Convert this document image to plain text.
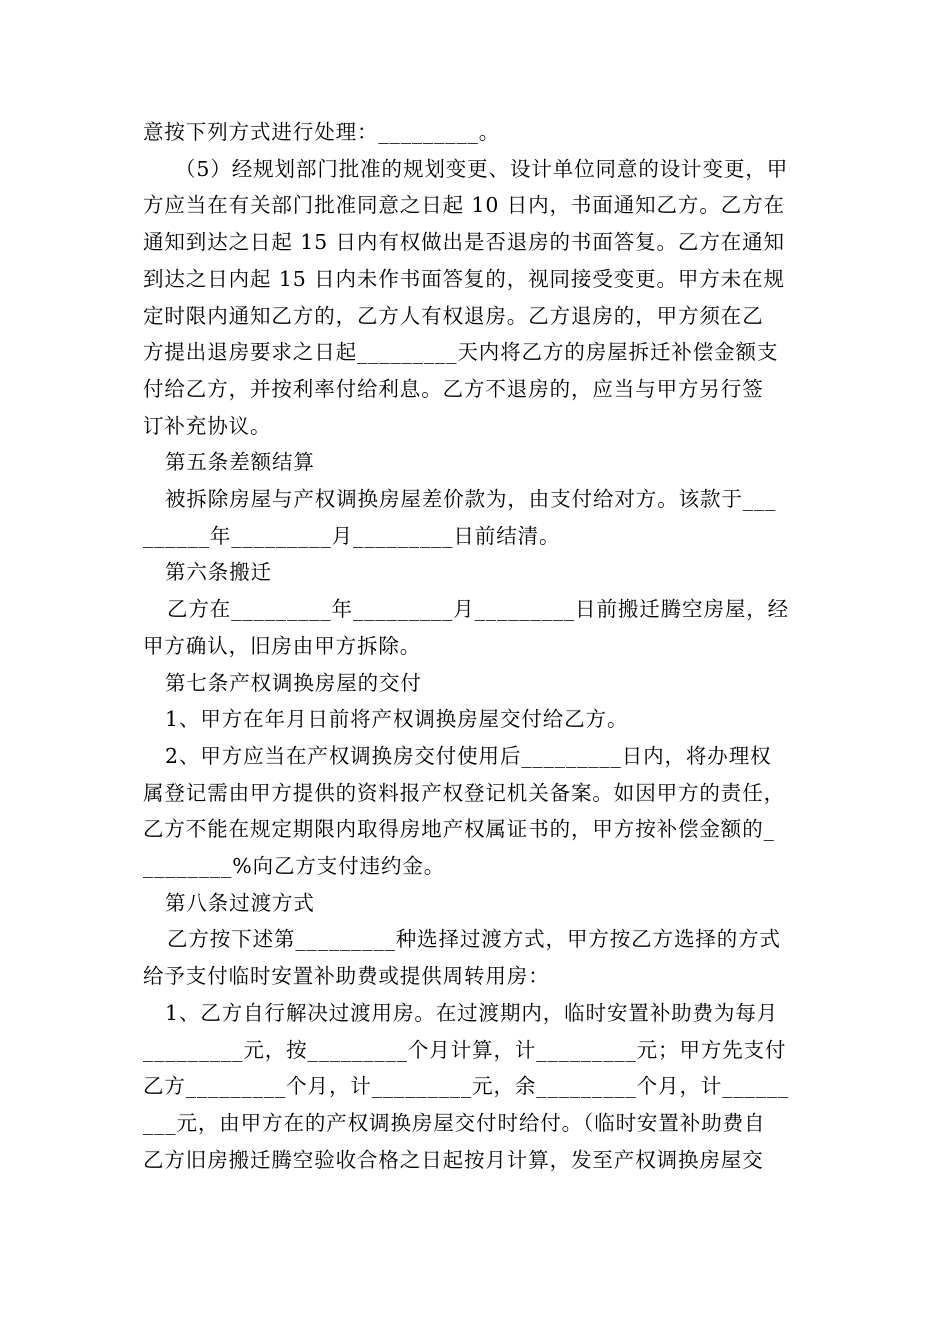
意按下列方式进行处理：_________。
（5）经规划部门批准的规划变更、设计单位同意的设计变更，甲
方应当在有关部门批准同意之日起 10 日内，书面通知乙方。乙方在
通知到达之日起 15 日内有权做出是否退房的书面答复。乙方在通知
到达之日内起 15 日内未作书面答复的，视同接受变更。甲方未在规
定时限内通知乙方的，乙方人有权退房。乙方退房的，甲方须在乙
方提出退房要求之日起_________天内将乙方的房屋拆迁补偿金额支
付给乙方，并按利率付给利息。乙方不退房的，应当与甲方另行签
订补充协议。
第五条差额结算
被拆除房屋与产权调换房屋差价款为，由支付给对方。该款于___
______年_________月_________日前结清。
第六条搬迁
乙方在_________年_________月_________日前搬迁腾空房屋，经
甲方确认，旧房由甲方拆除。
第七条产权调换房屋的交付
1、甲方在年月日前将产权调换房屋交付给乙方。
2、甲方应当在产权调换房交付使用后_________日内，将办理权
属登记需由甲方提供的资料报产权登记机关备案。如因甲方的责任，
乙方不能在规定期限内取得房地产权属证书的，甲方按补偿金额的_
________%向乙方支付违约金。
第八条过渡方式
乙方按下述第_________种选择过渡方式，甲方按乙方选择的方式
给予支付临时安置补助费或提供周转用房：
1、乙方自行解决过渡用房。在过渡期内，临时安置补助费为每月
_________元，按_________个月计算，计_________元；甲方先支付
乙方_________个月，计_________元，余_________个月，计______
___元，由甲方在的产权调换房屋交付时给付。（临时安置补助费自
乙方旧房搬迁腾空验收合格之日起按月计算，发至产权调换房屋交
